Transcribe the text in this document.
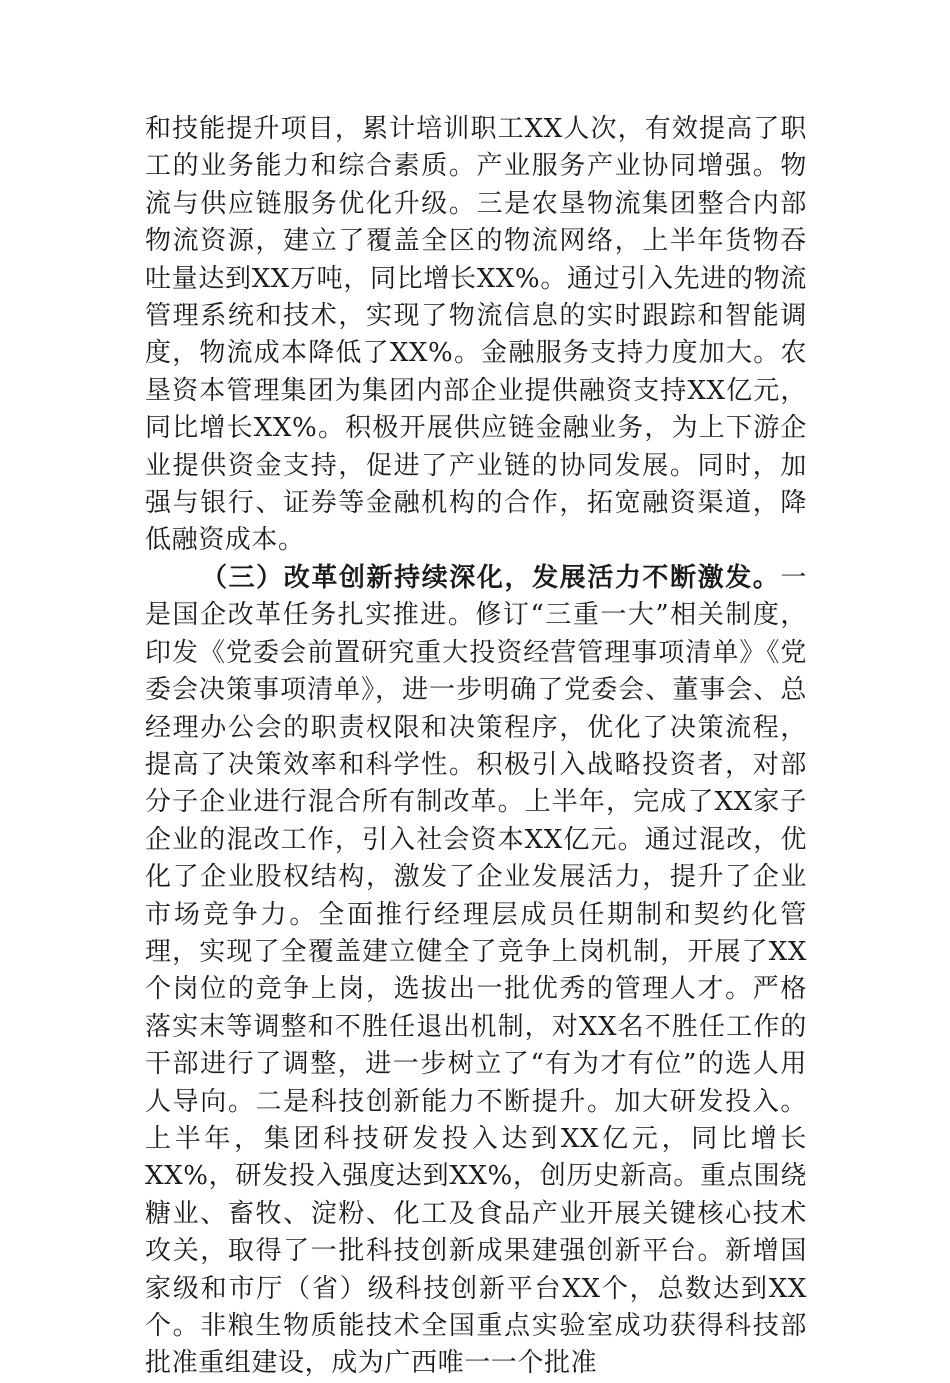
和技能提升项目，累计培训职工XX人次，有效提高了职工的业务能力和综合素质。产业服务产业协同增强。物流与供应链服务优化升级。三是农垦物流集团整合内部物流资源，建立了覆盖全区的物流网络，上半年货物吞吐量达到XX万吨，同比增长XX%。通过引入先进的物流管理系统和技术，实现了物流信息的实时跟踪和智能调度，物流成本降低了XX%。金融服务支持力度加大。农垦资本管理集团为集团内部企业提供融资支持XX亿元，同比增长XX%。积极开展供应链金融业务，为上下游企业提供资金支持，促进了产业链的协同发展。同时，加强与银行、证券等金融机构的合作，拓宽融资渠道，降低融资成本。

（三）改革创新持续深化，发展活力不断激发。一是国企改革任务扎实推进。修订“三重一大”相关制度，印发《党委会前置研究重大投资经营管理事项清单》《党委会决策事项清单》，进一步明确了党委会、董事会、总经理办公会的职责权限和决策程序，优化了决策流程，提高了决策效率和科学性。积极引入战略投资者，对部分子企业进行混合所有制改革。上半年，完成了XX家子企业的混改工作，引入社会资本XX亿元。通过混改，优化了企业股权结构，激发了企业发展活力，提升了企业市场竞争力。全面推行经理层成员任期制和契约化管理，实现了全覆盖建立健全了竞争上岗机制，开展了XX个岗位的竞争上岗，选拔出一批优秀的管理人才。严格落实末等调整和不胜任退出机制，对XX名不胜任工作的干部进行了调整，进一步树立了“有为才有位”的选人用人导向。二是科技创新能力不断提升。加大研发投入。上半年，集团科技研发投入达到XX亿元，同比增长XX%，研发投入强度达到XX%，创历史新高。重点围绕糖业、畜牧、淀粉、化工及食品产业开展关键核心技术攻关，取得了一批科技创新成果建强创新平台。新增国家级和市厅（省）级科技创新平台XX个，总数达到XX个。非粮生物质能技术全国重点实验室成功获得科技部批准重组建设，成为广西唯一一个批准
